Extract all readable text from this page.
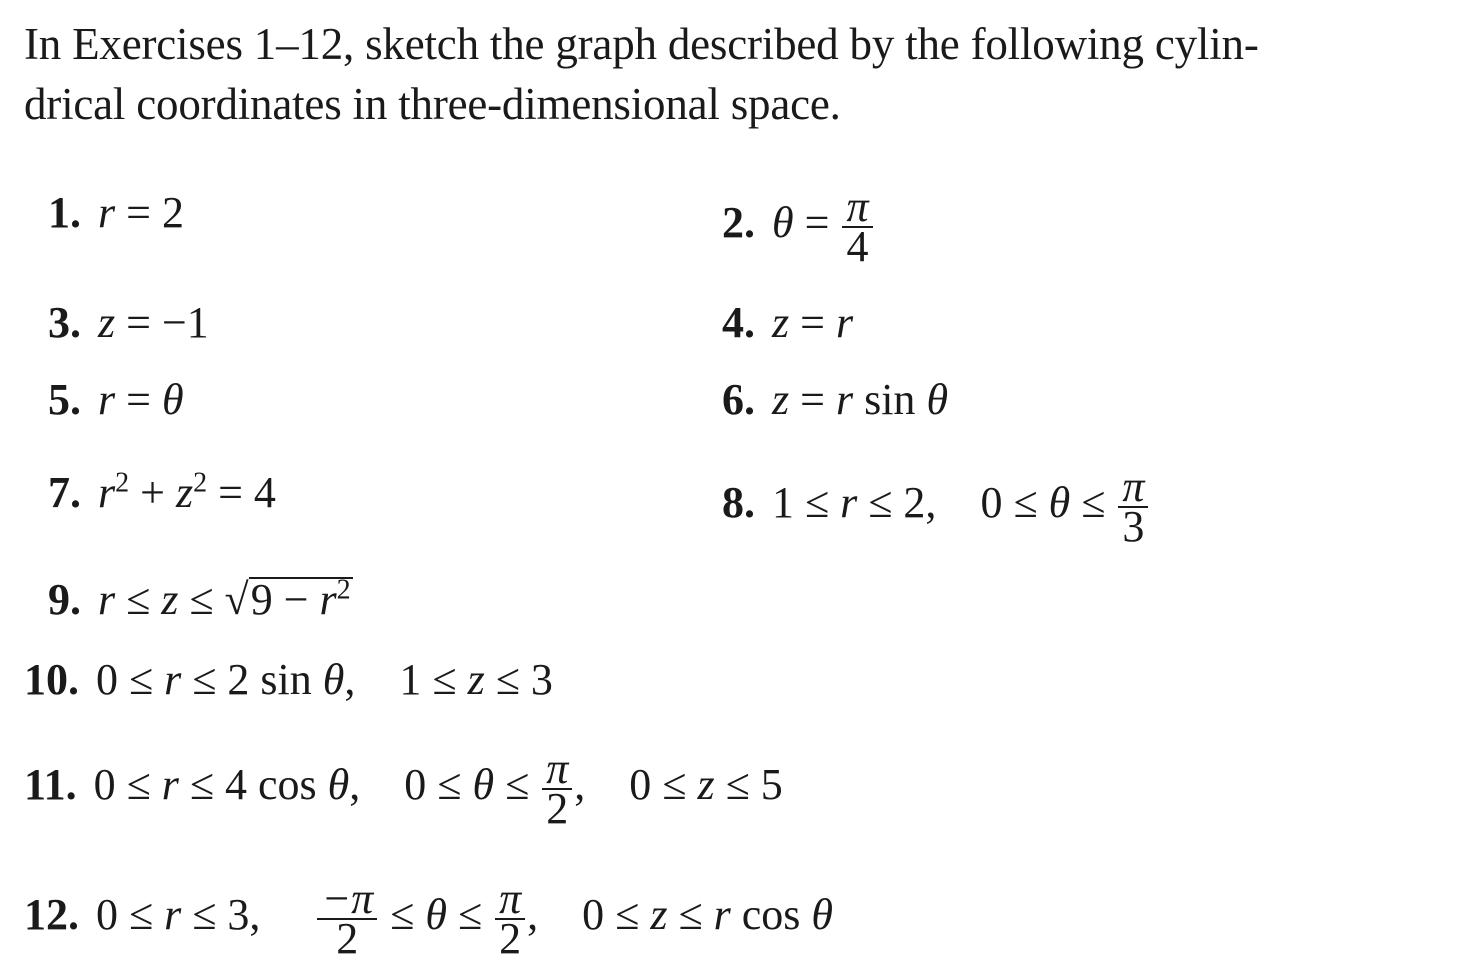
In Exercises 1–12, sketch the graph described by the following cylin-
drical coordinates in three-dimensional space.
1. r = 2	2. $\theta = \frac{\pi}{4}$
3. z = −1	4. z = r
5. r = θ	6. z = r sin θ
7. $r^2 + z^2 = 4$	8. 1 ≤ r ≤ 2, $0 \le \theta \le \frac{\pi}{3}$
9. $r \le z \le √9 - r^2$
10. 0 ≤ r ≤ 2 sin θ, 1 ≤ z ≤ 3
11. 0 ≤ r ≤ 4 cos θ, $0 \le \theta \le \frac{\pi}{2}$ , 0 ≤ z ≤ 5
12. 0 ≤ r ≤ 3, $\frac{-\pi}{2} \le \theta \le \frac{\pi}{2}$ , 0 ≤ z ≤ r cos θ
